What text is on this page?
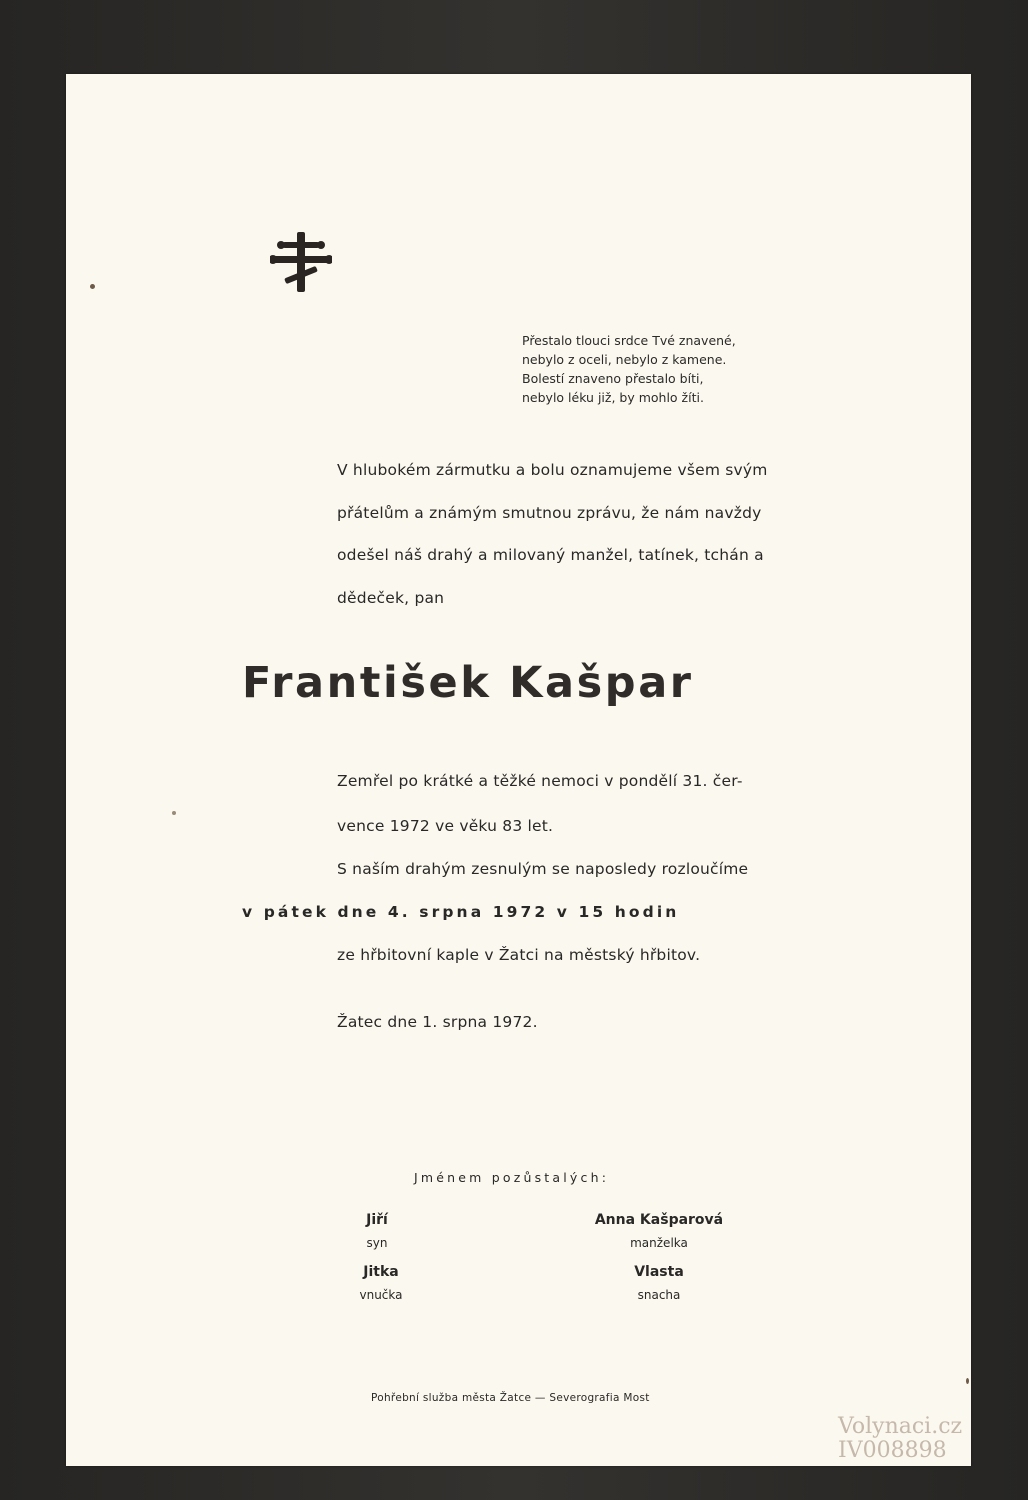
Přestalo tlouci srdce Tvé znavené,
nebylo z oceli, nebylo z kamene.
Bolestí znaveno přestalo bíti,
nebylo léku již, by mohlo žíti.
V hlubokém zármutku a bolu oznamujeme všem svým
přátelům a známým smutnou zprávu, že nám navždy
odešel náš drahý a milovaný manžel, tatínek, tchán a
dědeček, pan
František Kašpar
Zemřel po krátké a těžké nemoci v pondělí 31. čer-
vence 1972 ve věku 83 let.
S naším drahým zesnulým se naposledy rozloučíme
v pátek dne 4. srpna 1972 v 15 hodin
ze hřbitovní kaple v Žatci na městský hřbitov.
Žatec dne 1. srpna 1972.
Jménem pozůstalých:
Jiří
syn
Anna Kašparová
manželka
Jitka
vnučka
Vlasta
snacha
Pohřební služba města Žatce — Severografia Most
Volynaci.cz
IV008898
